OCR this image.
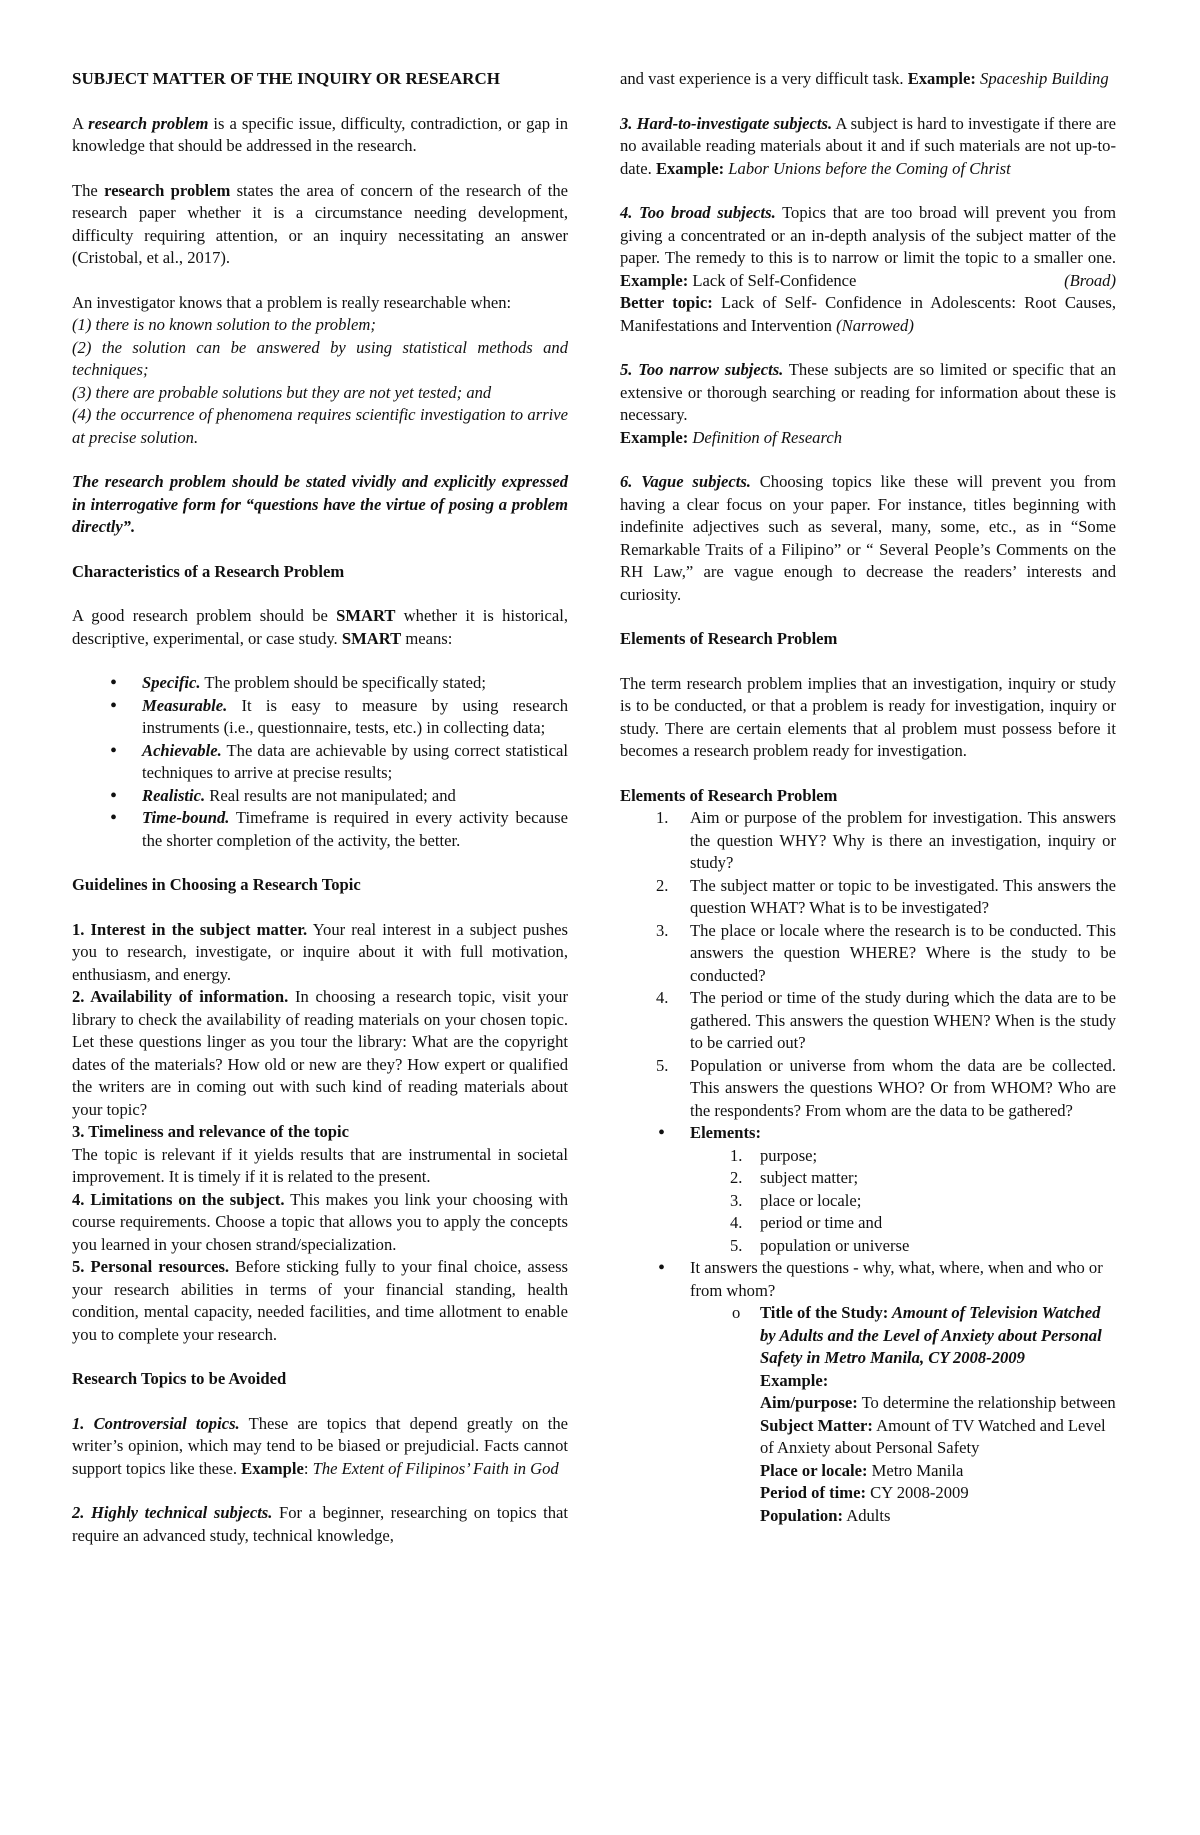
SUBJECT MATTER OF THE INQUIRY OR RESEARCH

A research problem is a specific issue, difficulty, contradiction, or gap in knowledge that should be addressed in the research.

The research problem states the area of concern of the research of the research paper whether it is a circumstance needing development, difficulty requiring attention, or an inquiry necessitating an answer (Cristobal, et al., 2017).

An investigator knows that a problem is really researchable when:
(1) there is no known solution to the problem;
(2) the solution can be answered by using statistical methods and techniques;
(3) there are probable solutions but they are not yet tested; and
(4) the occurrence of phenomena requires scientific investigation to arrive at precise solution.

The research problem should be stated vividly and explicitly expressed in interrogative form for “questions have the virtue of posing a problem directly”.

Characteristics of a Research Problem

A good research problem should be SMART whether it is historical, descriptive, experimental, or case study. SMART means:

• Specific. The problem should be specifically stated;
• Measurable. It is easy to measure by using research instruments (i.e., questionnaire, tests, etc.) in collecting data;
• Achievable. The data are achievable by using correct statistical techniques to arrive at precise results;
• Realistic. Real results are not manipulated; and
• Time-bound. Timeframe is required in every activity because the shorter completion of the activity, the better.
Guidelines in Choosing a Research Topic

1. Interest in the subject matter. Your real interest in a subject pushes you to research, investigate, or inquire about it with full motivation, enthusiasm, and energy.
2. Availability of information. In choosing a research topic, visit your library to check the availability of reading materials on your chosen topic. Let these questions linger as you tour the library: What are the copyright dates of the materials? How old or new are they? How expert or qualified the writers are in coming out with such kind of reading materials about your topic?
3. Timeliness and relevance of the topic
The topic is relevant if it yields results that are instrumental in societal improvement. It is timely if it is related to the present.
4. Limitations on the subject. This makes you link your choosing with course requirements. Choose a topic that allows you to apply the concepts you learned in your chosen strand/specialization.
5. Personal resources. Before sticking fully to your final choice, assess your research abilities in terms of your financial standing, health condition, mental capacity, needed facilities, and time allotment to enable you to complete your research.

Research Topics to be Avoided

1. Controversial topics. These are topics that depend greatly on the writer’s opinion, which may tend to be biased or prejudicial. Facts cannot support topics like these. Example: The Extent of Filipinos’ Faith in God

2. Highly technical subjects. For a beginner, researching on topics that require an advanced study, technical knowledge,

and vast experience is a very difficult task. Example: Spaceship Building

3. Hard-to-investigate subjects. A subject is hard to investigate if there are no available reading materials about it and if such materials are not up-to-date. Example: Labor Unions before the Coming of Christ

4. Too broad subjects. Topics that are too broad will prevent you from giving a concentrated or an in-depth analysis of the subject matter of the paper. The remedy to this is to narrow or limit the topic to a smaller one. Example: Lack of Self-Confidence	(Broad)

Better topic: Lack of Self- Confidence in Adolescents: Root Causes, Manifestations and Intervention (Narrowed)

5. Too narrow subjects. These subjects are so limited or specific that an extensive or thorough searching or reading for information about these is necessary.
Example: Definition of Research

6. Vague subjects. Choosing topics like these will prevent you from having a clear focus on your paper. For instance, titles beginning with indefinite adjectives such as several, many, some, etc., as in “Some Remarkable Traits of a Filipino” or “ Several People’s Comments on the RH Law,” are vague enough to decrease the readers’ interests and curiosity.

Elements of Research Problem

The term research problem implies that an investigation, inquiry or study is to be conducted, or that a problem is ready for investigation, inquiry or study. There are certain elements that al problem must possess before it becomes a research problem ready for investigation.

Elements of Research Problem
1. Aim or purpose of the problem for investigation. This answers the question WHY? Why is there an investigation, inquiry or study?
2. The subject matter or topic to be investigated. This answers the question WHAT? What is to be investigated?
3. The place or locale where the research is to be conducted. This answers the question WHERE? Where is the study to be conducted?
4. The period or time of the study during which the data are to be gathered. This answers the question WHEN? When is the study to be carried out?
5. Population or universe from whom the data are be collected. This answers the questions WHO? Or from WHOM? Who are the respondents? From whom are the data to be gathered?
• Elements:
1. purpose;
2. subject matter;
3. place or locale;
4. period or time and
5. population or universe
• It answers the questions - why, what, where, when and who or from whom?
o Title of the Study: Amount of Television Watched by Adults and the Level of Anxiety about Personal Safety in Metro Manila, CY 2008-2009
Example:
Aim/purpose: To determine the relationship between
Subject Matter: Amount of TV Watched and Level of Anxiety about Personal Safety
Place or locale: Metro Manila
Period of time: CY 2008-2009
Population: Adults
